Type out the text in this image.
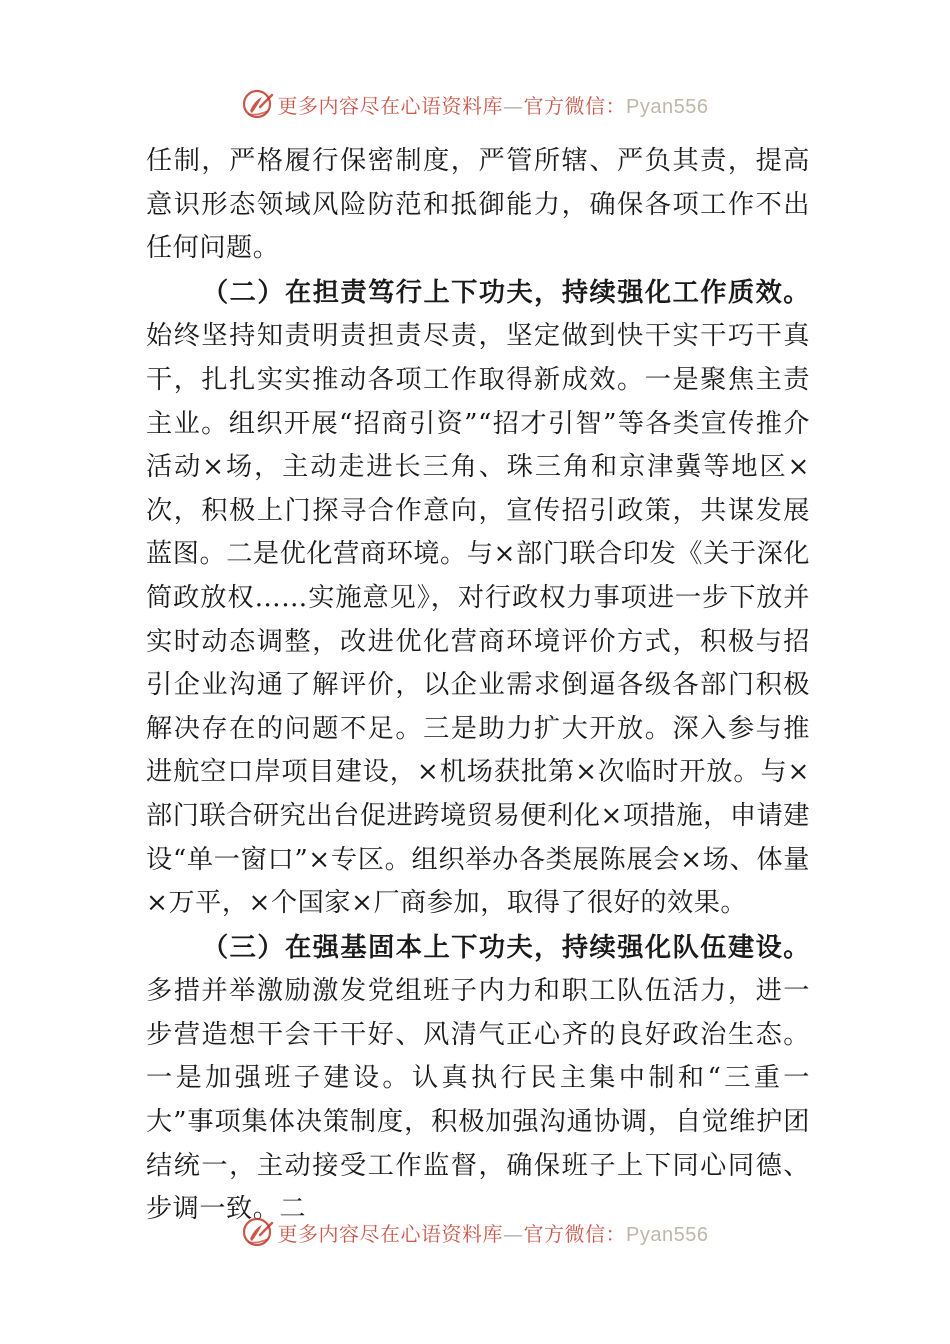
更多内容尽在心语资料库—官方微信：Pyan556

任制，严格履行保密制度，严管所辖、严负其责，提高意识形态领域风险防范和抵御能力，确保各项工作不出任何问题。

（二）在担责笃行上下功夫，持续强化工作质效。始终坚持知责明责担责尽责，坚定做到快干实干巧干真干，扎扎实实推动各项工作取得新成效。一是聚焦主责主业。组织开展“招商引资”“招才引智”等各类宣传推介活动×场，主动走进长三角、珠三角和京津冀等地区×次，积极上门探寻合作意向，宣传招引政策，共谋发展蓝图。二是优化营商环境。与×部门联合印发《关于深化简政放权……实施意见》，对行政权力事项进一步下放并实时动态调整，改进优化营商环境评价方式，积极与招引企业沟通了解评价，以企业需求倒逼各级各部门积极解决存在的问题不足。三是助力扩大开放。深入参与推进航空口岸项目建设，×机场获批第×次临时开放。与×部门联合研究出台促进跨境贸易便利化×项措施，申请建设“单一窗口”×专区。组织举办各类展陈展会×场、体量×万平，×个国家×厂商参加，取得了很好的效果。

（三）在强基固本上下功夫，持续强化队伍建设。多措并举激励激发党组班子内力和职工队伍活力，进一步营造想干会干干好、风清气正心齐的良好政治生态。一是加强班子建设。认真执行民主集中制和“三重一大”事项集体决策制度，积极加强沟通协调，自觉维护团结统一，主动接受工作监督，确保班子上下同心同德、步调一致。二

更多内容尽在心语资料库—官方微信：Pyan556
